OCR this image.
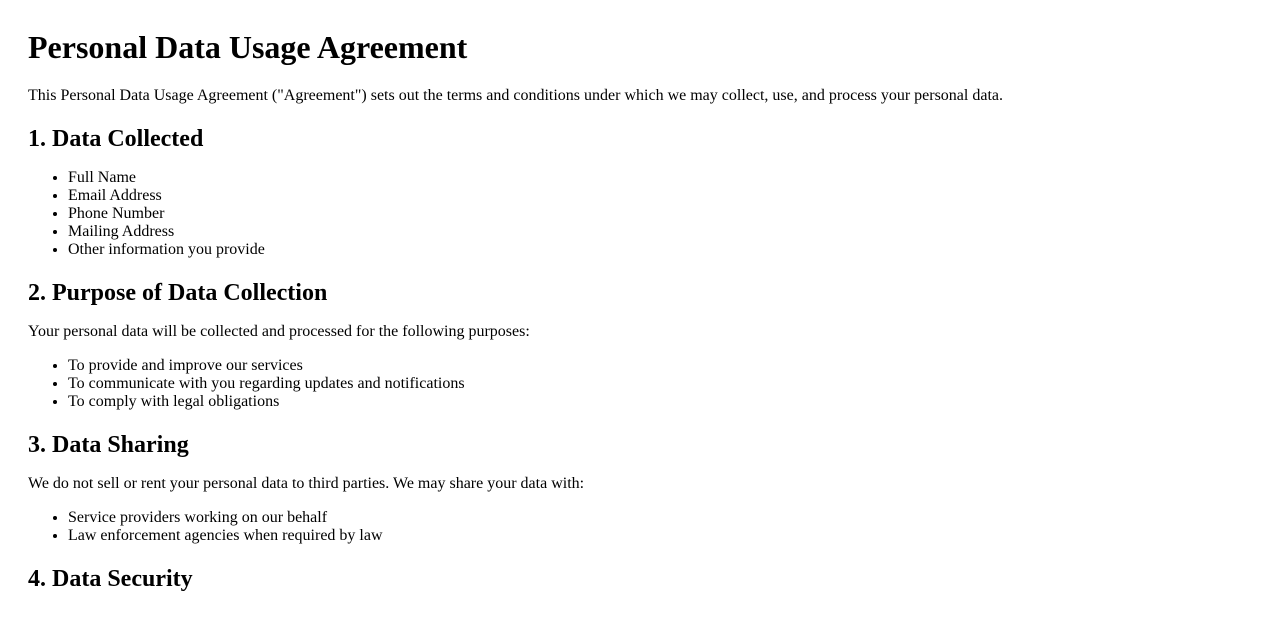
Personal Data Usage Agreement

This Personal Data Usage Agreement ("Agreement") sets out the terms and conditions under which we may collect, use, and process your personal data.

1. Data Collected
• Full Name
• Email Address
• Phone Number
• Mailing Address
• Other information you provide
2. Purpose of Data Collection

Your personal data will be collected and processed for the following purposes:

• To provide and improve our services
• To communicate with you regarding updates and notifications
• To comply with legal obligations
3. Data Sharing

We do not sell or rent your personal data to third parties. We may share your data with:

• Service providers working on our behalf
• Law enforcement agencies when required by law
4. Data Security
